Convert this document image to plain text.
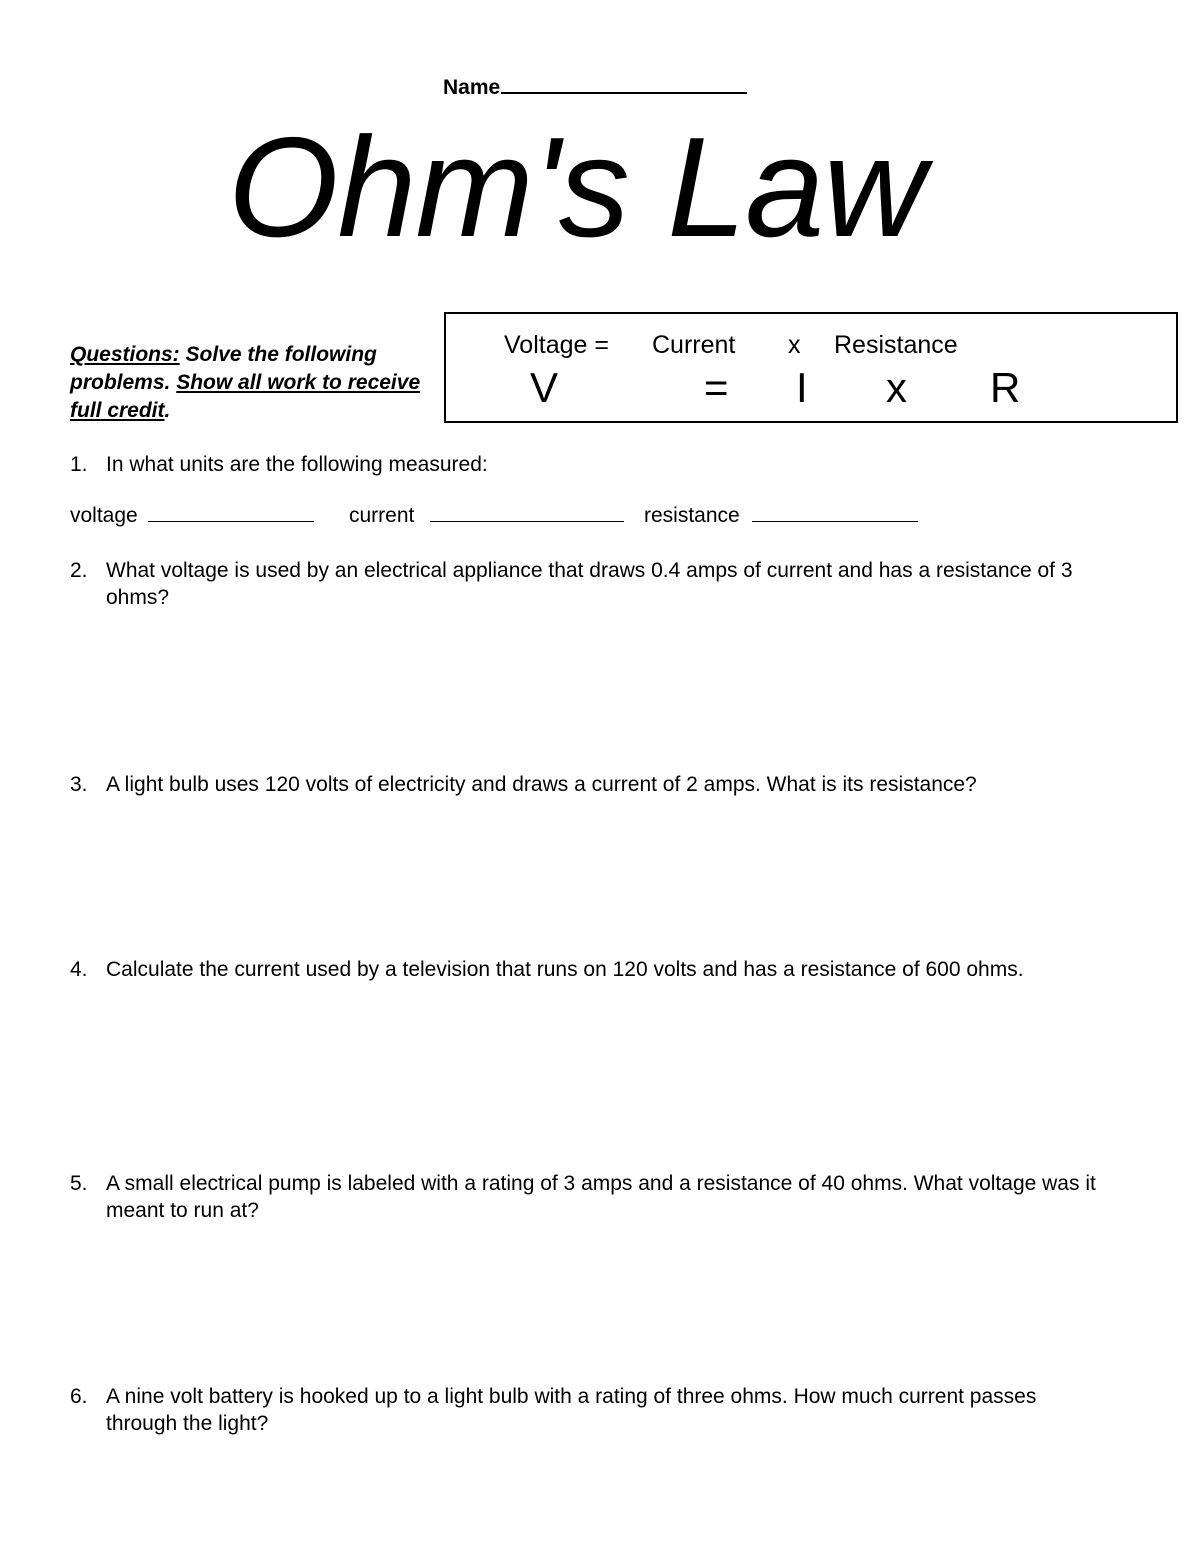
Name
Ohm's Law
Questions: Solve the following problems. Show all work to receive full credit.
Voltage = Current x Resistance
V	= I x R
1. In what units are the following measured:
voltage	current	resistance
2. What voltage is used by an electrical appliance that draws 0.4 amps of current and has a resistance of 3 ohms?
3. A light bulb uses 120 volts of electricity and draws a current of 2 amps. What is its resistance?
4. Calculate the current used by a television that runs on 120 volts and has a resistance of 600 ohms.
5. A small electrical pump is labeled with a rating of 3 amps and a resistance of 40 ohms. What voltage was it meant to run at?
6. A nine volt battery is hooked up to a light bulb with a rating of three ohms. How much current passes through the light?
